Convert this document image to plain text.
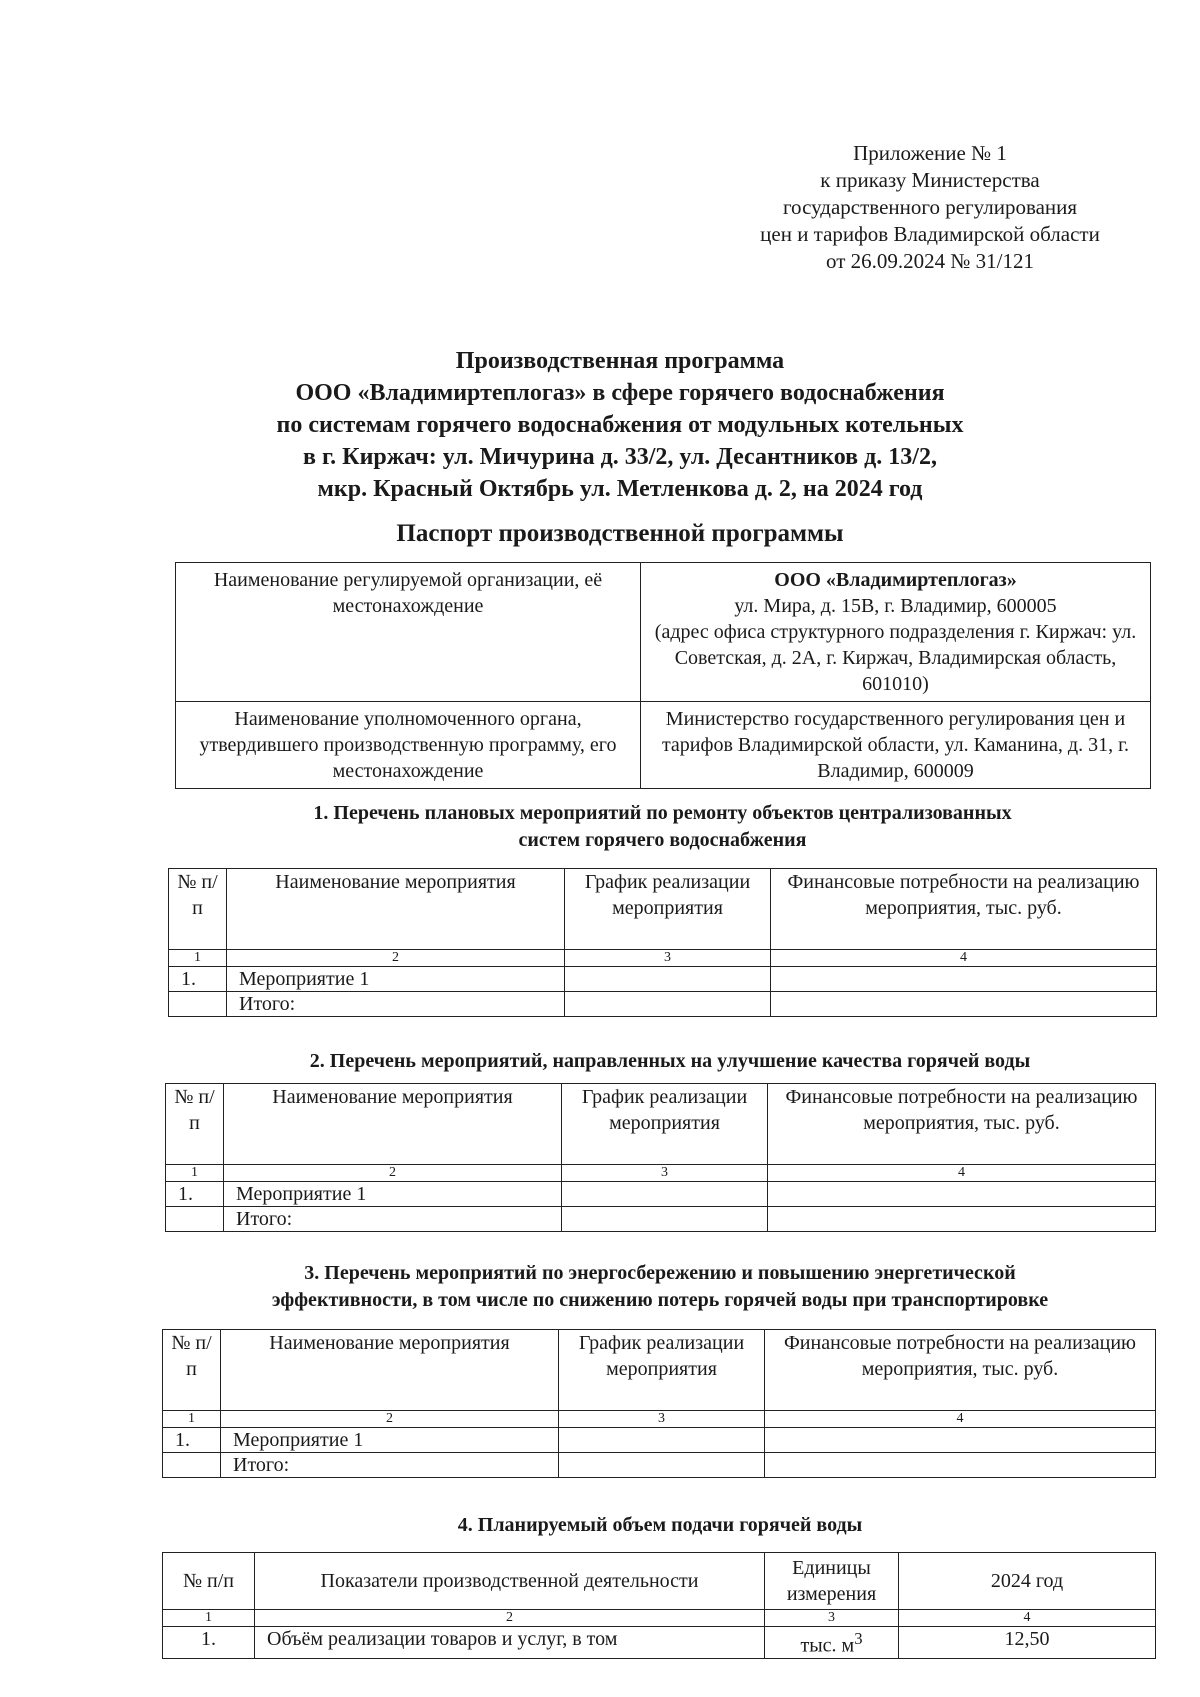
Приложение № 1
к приказу Министерства
государственного регулирования
цен и тарифов Владимирской области
от 26.09.2024 № 31/121
Производственная программа
ООО «Владимиртеплогаз» в сфере горячего водоснабжения
по системам горячего водоснабжения от модульных котельных
в г. Киржач: ул. Мичурина д. 33/2, ул. Десантников д. 13/2,
мкр. Красный Октябрь ул. Метленкова д. 2, на 2024 год
Паспорт производственной программы
Наименование регулируемой организации, её местонахождение	ООО «Владимиртеплогаз»
ул. Мира, д. 15В, г. Владимир, 600005
(адрес офиса структурного подразделения г. Киржач: ул. Советская, д. 2А, г. Киржач, Владимирская область, 601010)

Наименование уполномоченного органа, утвердившего производственную программу, его местонахождение	Министерство государственного регулирования цен и тарифов Владимирской области, ул. Каманина, д. 31, г. Владимир, 600009
1. Перечень плановых мероприятий по ремонту объектов централизованных
систем горячего водоснабжения
№ п/п	Наименование мероприятия	График реализации мероприятия	Финансовые потребности на реализацию мероприятия, тыс. руб.
1	2	3	4
1.	Мероприятие 1		
	Итого:		
2. Перечень мероприятий, направленных на улучшение качества горячей воды
№ п/п	Наименование мероприятия	График реализации мероприятия	Финансовые потребности на реализацию мероприятия, тыс. руб.
1	2	3	4
1.	Мероприятие 1		
	Итого:		
3. Перечень мероприятий по энергосбережению и повышению энергетической
эффективности, в том числе по снижению потерь горячей воды при транспортировке
№ п/п	Наименование мероприятия	График реализации мероприятия	Финансовые потребности на реализацию мероприятия, тыс. руб.
1	2	3	4
1.	Мероприятие 1		
	Итого:		
4. Планируемый объем подачи горячей воды
№ п/п	Показатели производственной деятельности	Единицы измерения	2024 год
1	2	3	4
1.	Объём реализации товаров и услуг, в том	тыс. $м^3$	12,50
